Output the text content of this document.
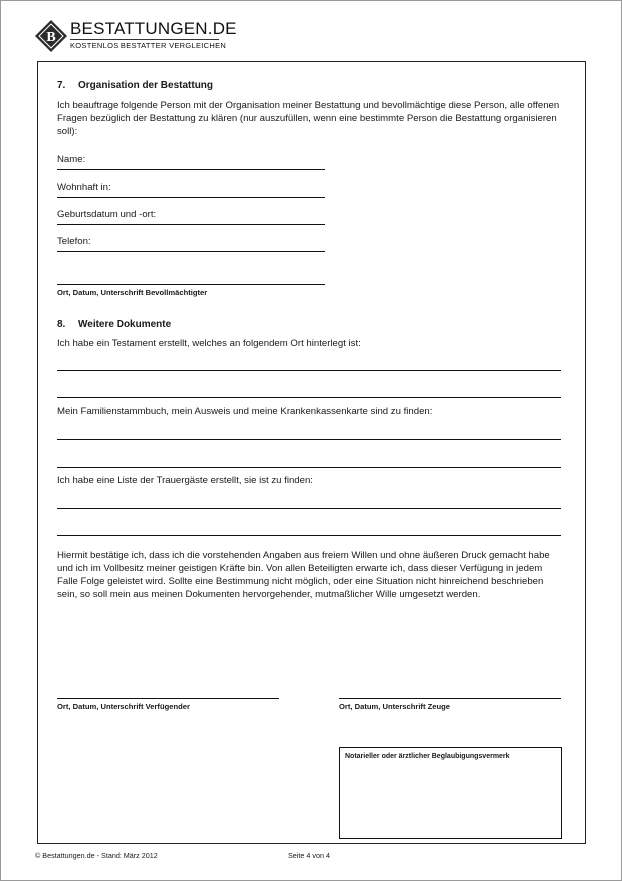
B BESTATTUNGEN.DE
KOSTENLOS BESTATTER VERGLEICHEN
7. Organisation der Bestattung
Ich beauftrage folgende Person mit der Organisation meiner Bestattung und bevollmächtige diese Person, alle offenen Fragen bezüglich der Bestattung zu klären (nur auszufüllen, wenn eine bestimmte Person die Bestattung organisieren soll):
Name:
Wohnhaft in:
Geburtsdatum und -ort:
Telefon:
Ort, Datum, Unterschrift Bevollmächtigter
8. Weitere Dokumente
Ich habe ein Testament erstellt, welches an folgendem Ort hinterlegt ist:
Mein Familienstammbuch, mein Ausweis und meine Krankenkassenkarte sind zu finden:
Ich habe eine Liste der Trauergäste erstellt, sie ist zu finden:
Hiermit bestätige ich, dass ich die vorstehenden Angaben aus freiem Willen und ohne äußeren Druck gemacht habe und ich im Vollbesitz meiner geistigen Kräfte bin. Von allen Beteiligten erwarte ich, dass dieser Verfügung in jedem Falle Folge geleistet wird. Sollte eine Bestimmung nicht möglich, oder eine Situation nicht hinreichend beschrieben sein, so soll mein aus meinen Dokumenten hervorgehender, mutmaßlicher Wille umgesetzt werden.
Ort, Datum, Unterschrift Verfügender	Ort, Datum, Unterschrift Zeuge
Notarieller oder ärztlicher Beglaubigungsvermerk
© Bestattungen.de - Stand: März 2012	Seite 4 von 4
